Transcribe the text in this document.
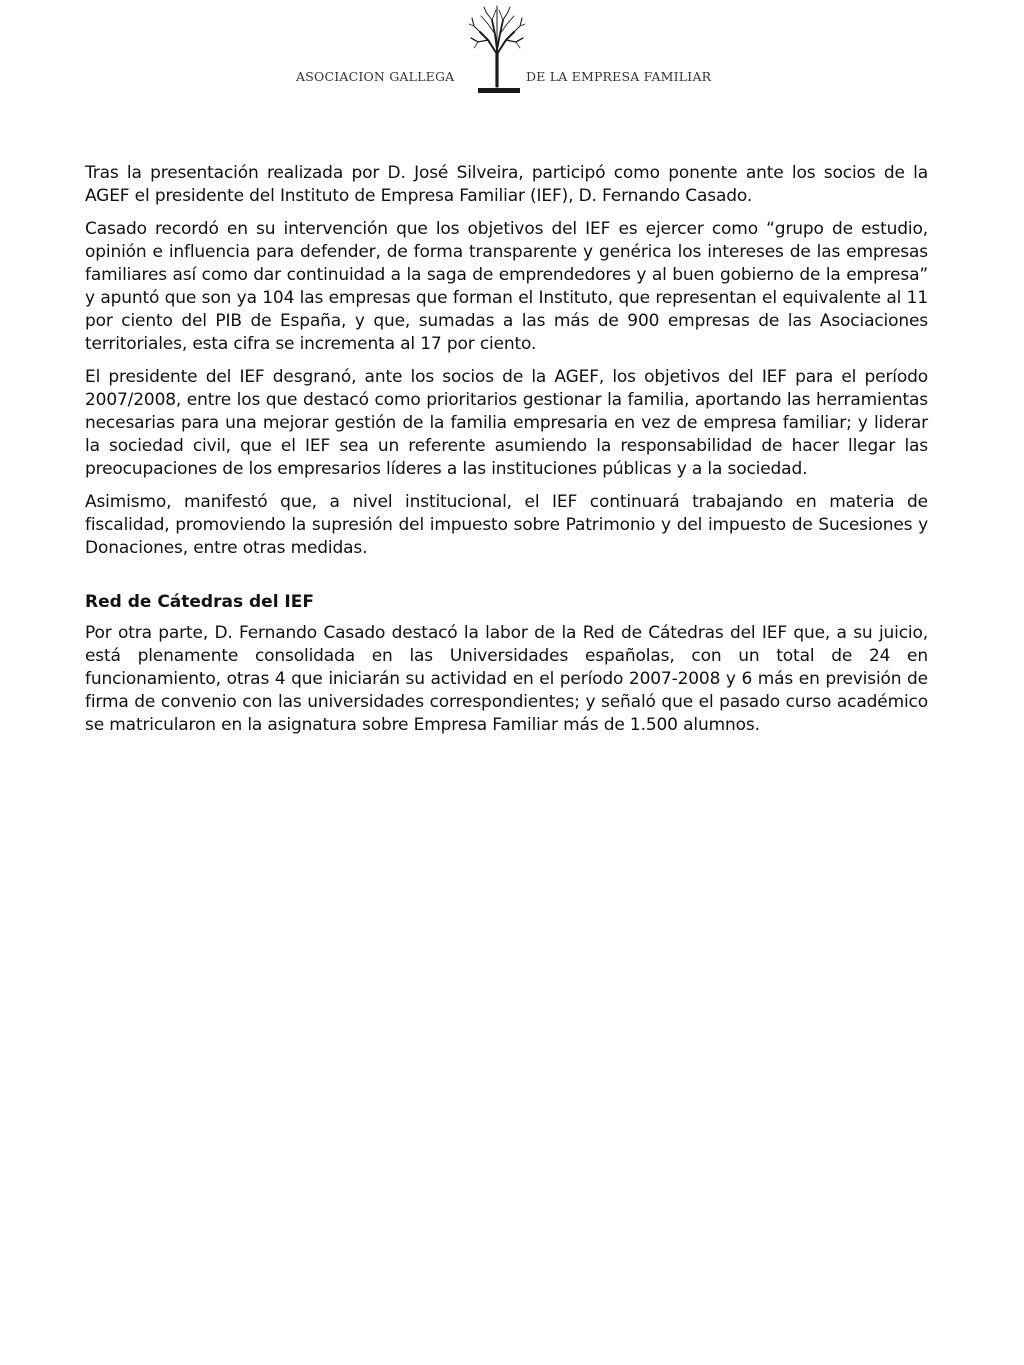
ASOCIACION GALLEGA	DE LA EMPRESA FAMILIAR

Tras la presentación realizada por D. José Silveira, participó como ponente ante los socios de la AGEF el presidente del Instituto de Empresa Familiar (IEF), D. Fernando Casado.

Casado recordó en su intervención que los objetivos del IEF es ejercer como “grupo de estudio, opinión e influencia para defender, de forma transparente y genérica los intereses de las empresas familiares así como dar continuidad a la saga de emprendedores y al buen gobierno de la empresa” y apuntó que son ya 104 las empresas que forman el Instituto, que representan el equivalente al 11 por ciento del PIB de España, y que, sumadas a las más de 900 empresas de las Asociaciones territoriales, esta cifra se incrementa al 17 por ciento.

El presidente del IEF desgranó, ante los socios de la AGEF, los objetivos del IEF para el período 2007/2008, entre los que destacó como prioritarios gestionar la familia, aportando las herramientas necesarias para una mejorar gestión de la familia empresaria en vez de empresa familiar; y liderar la sociedad civil, que el IEF sea un referente asumiendo la responsabilidad de hacer llegar las preocupaciones de los empresarios líderes a las instituciones públicas y a la sociedad.

Asimismo, manifestó que, a nivel institucional, el IEF continuará trabajando en materia de fiscalidad, promoviendo la supresión del impuesto sobre Patrimonio y del impuesto de Sucesiones y Donaciones, entre otras medidas.

Red de Cátedras del IEF

Por otra parte, D. Fernando Casado destacó la labor de la Red de Cátedras del IEF que, a su juicio, está plenamente consolidada en las Universidades españolas, con un total de 24 en funcionamiento, otras 4 que iniciarán su actividad en el período 2007-2008 y 6 más en previsión de firma de convenio con las universidades correspondientes; y señaló que el pasado curso académico se matricularon en la asignatura sobre Empresa Familiar más de 1.500 alumnos.
